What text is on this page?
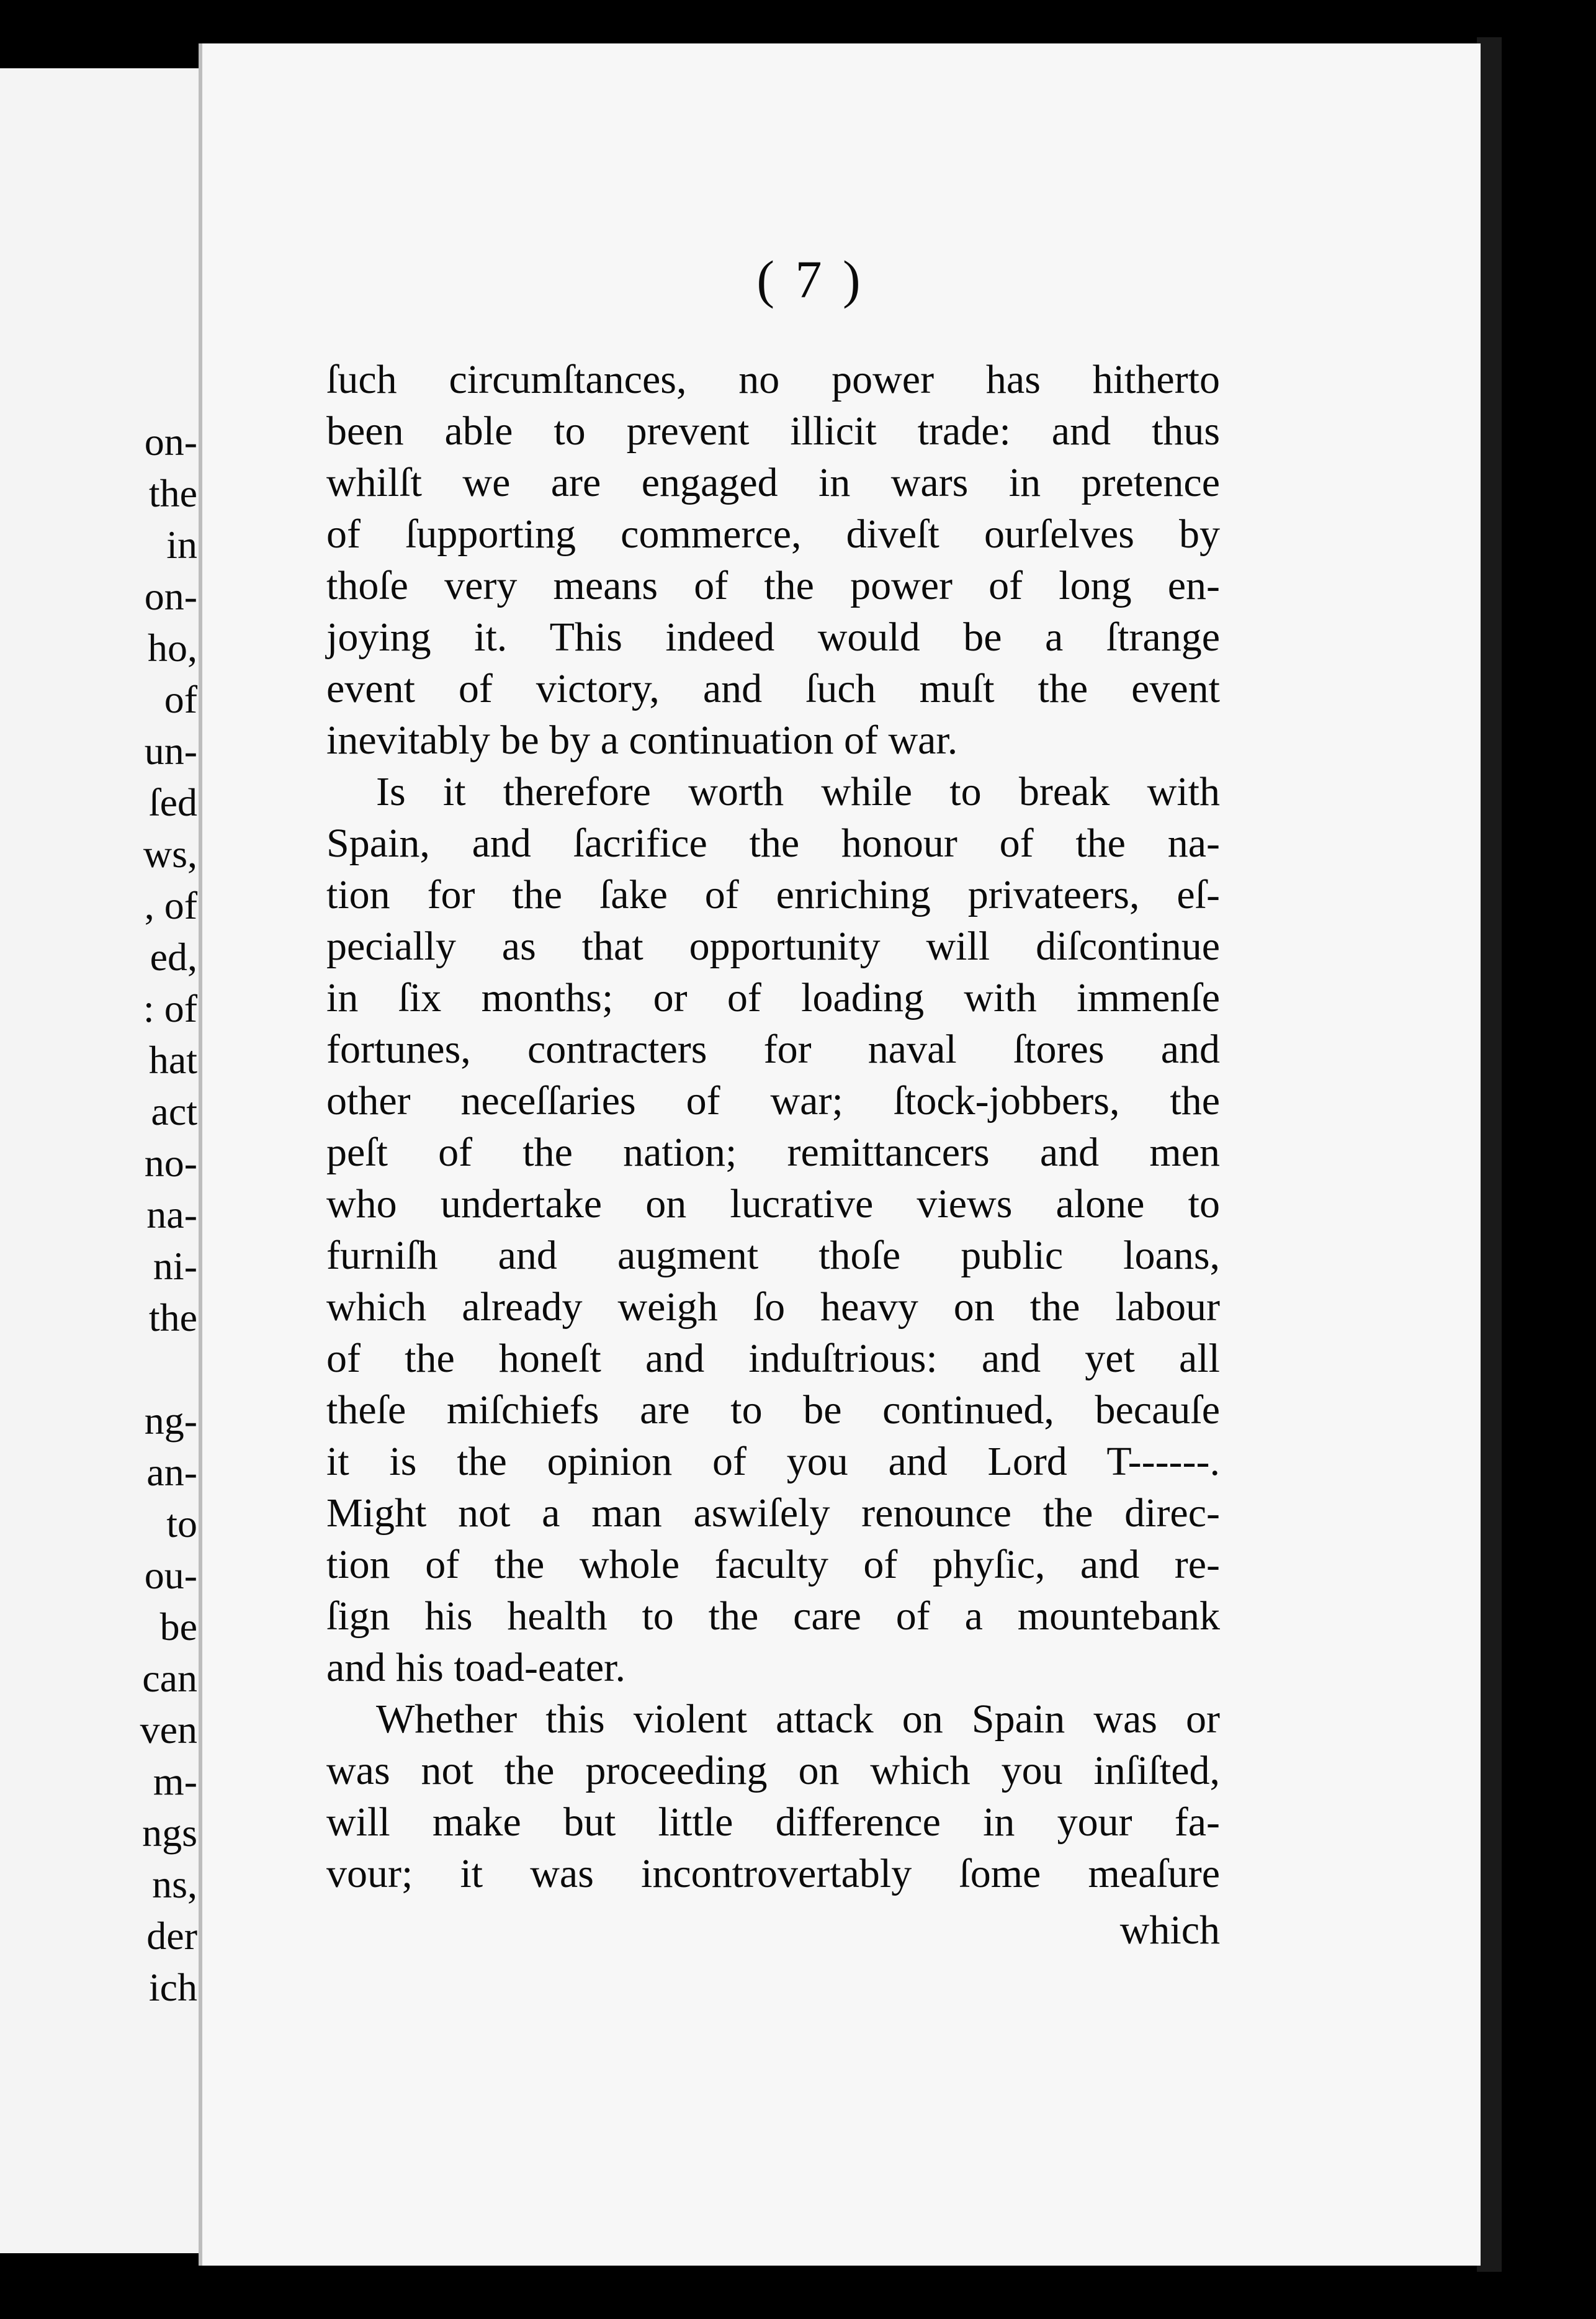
on-
the
in
on-
ho,
of
un-
ſed
ws,
, of
ed,
: of
hat
act
no-
na-
ni-
the
ng-
an-
to
ou-
be
can
ven
m-
ngs
ns,
der
ich
( 7 )
ſuch circumſtances, no power has hitherto
been able to prevent illicit trade: and thus
whilſt we are engaged in wars in pretence
of ſupporting commerce, diveſt ourſelves by
thoſe very means of the power of long en-
joying it. This indeed would be a ſtrange
event of victory, and ſuch muſt the event
inevitably be by a continuation of war.
Is it therefore worth while to break with
Spain, and ſacrifice the honour of the na-
tion for the ſake of enriching privateers, eſ-
pecially as that opportunity will diſcontinue
in ſix months; or of loading with immenſe
fortunes, contracters for naval ſtores and
other neceſſaries of war; ſtock-jobbers, the
peſt of the nation; remittancers and men
who undertake on lucrative views alone to
furniſh and augment thoſe public loans,
which already weigh ſo heavy on the labour
of the honeſt and induſtrious: and yet all
theſe miſchiefs are to be continued, becauſe
it is the opinion of you and Lord T------.
Might not a man aswiſely renounce the direc-
tion of the whole faculty of phyſic, and re-
ſign his health to the care of a mountebank
and his toad-eater.
Whether this violent attack on Spain was or
was not the proceeding on which you inſiſted,
will make but little difference in your fa-
vour; it was incontrovertably ſome meaſure
which
